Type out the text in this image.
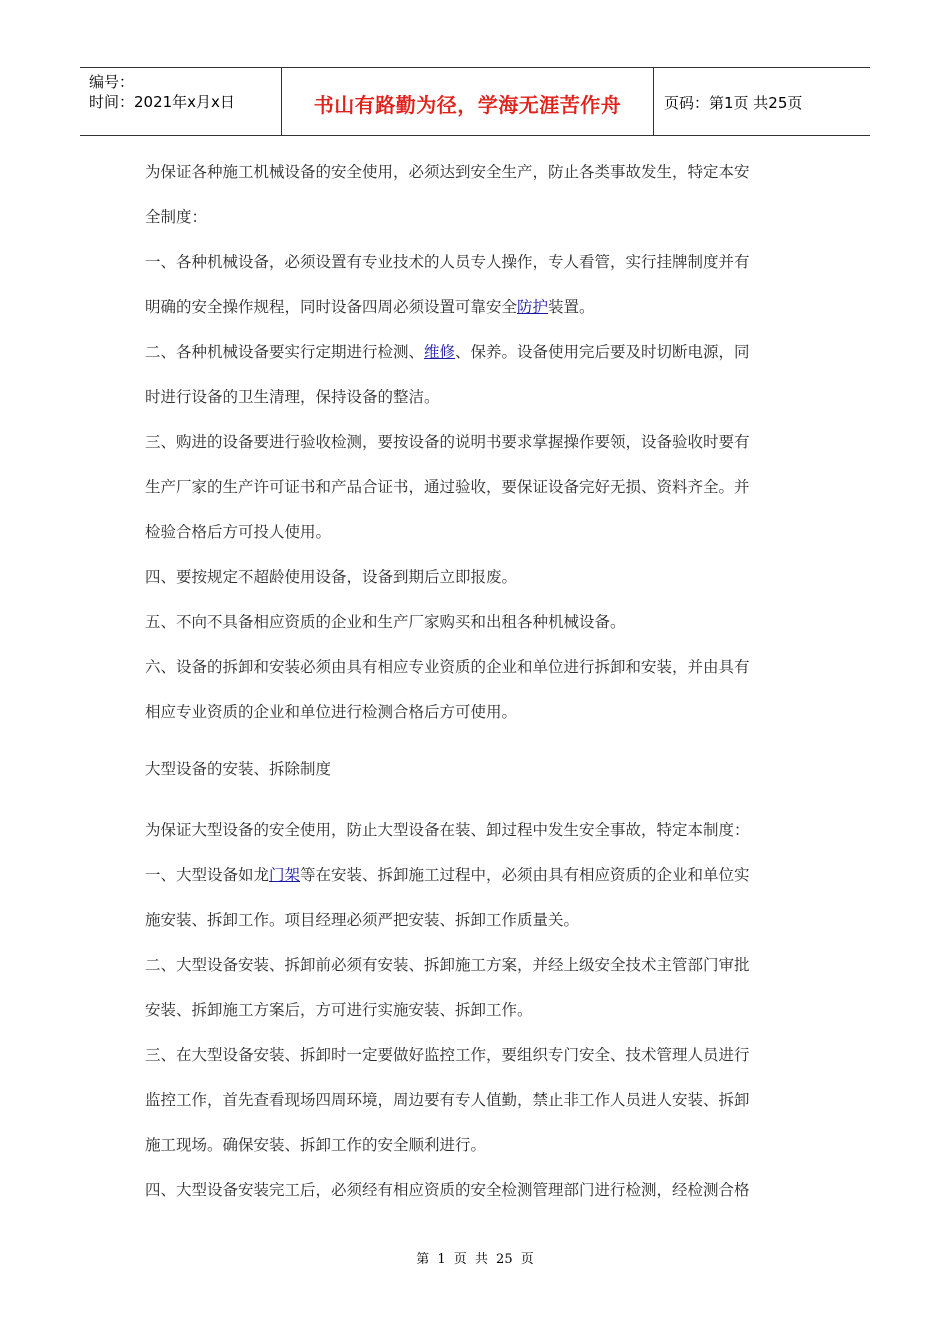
编号：
时间：2021年x月x日	书山有路勤为径，学海无涯苦作舟	页码：第1页 共25页
为保证各种施工机械设备的安全使用，必须达到安全生产，防止各类事故发生，特定本安
全制度：
一、各种机械设备，必须设置有专业技术的人员专人操作，专人看管，实行挂牌制度并有
明确的安全操作规程，同时设备四周必须设置可靠安全防护装置。
二、各种机械设备要实行定期进行检测、维修、保养。设备使用完后要及时切断电源，同
时进行设备的卫生清理，保持设备的整洁。
三、购进的设备要进行验收检测，要按设备的说明书要求掌握操作要领，设备验收时要有
生产厂家的生产许可证书和产品合证书，通过验收，要保证设备完好无损、资料齐全。并
检验合格后方可投人使用。
四、要按规定不超龄使用设备，设备到期后立即报废。
五、不向不具备相应资质的企业和生产厂家购买和出租各种机械设备。
六、设备的拆卸和安装必须由具有相应专业资质的企业和单位进行拆卸和安装，并由具有
相应专业资质的企业和单位进行检测合格后方可使用。
大型设备的安装、拆除制度
为保证大型设备的安全使用，防止大型设备在装、卸过程中发生安全事故，特定本制度：
一、大型设备如龙门架等在安装、拆卸施工过程中，必须由具有相应资质的企业和单位实
施安装、拆卸工作。项目经理必须严把安装、拆卸工作质量关。
二、大型设备安装、拆卸前必须有安装、拆卸施工方案，并经上级安全技术主管部门审批
安装、拆卸施工方案后，方可进行实施安装、拆卸工作。
三、在大型设备安装、拆卸时一定要做好监控工作，要组织专门安全、技术管理人员进行
监控工作，首先查看现场四周环境，周边要有专人值勤，禁止非工作人员进人安装、拆卸
施工现场。确保安装、拆卸工作的安全顺利进行。
四、大型设备安装完工后，必须经有相应资质的安全检测管理部门进行检测，经检测合格
第 1 页 共 25 页
